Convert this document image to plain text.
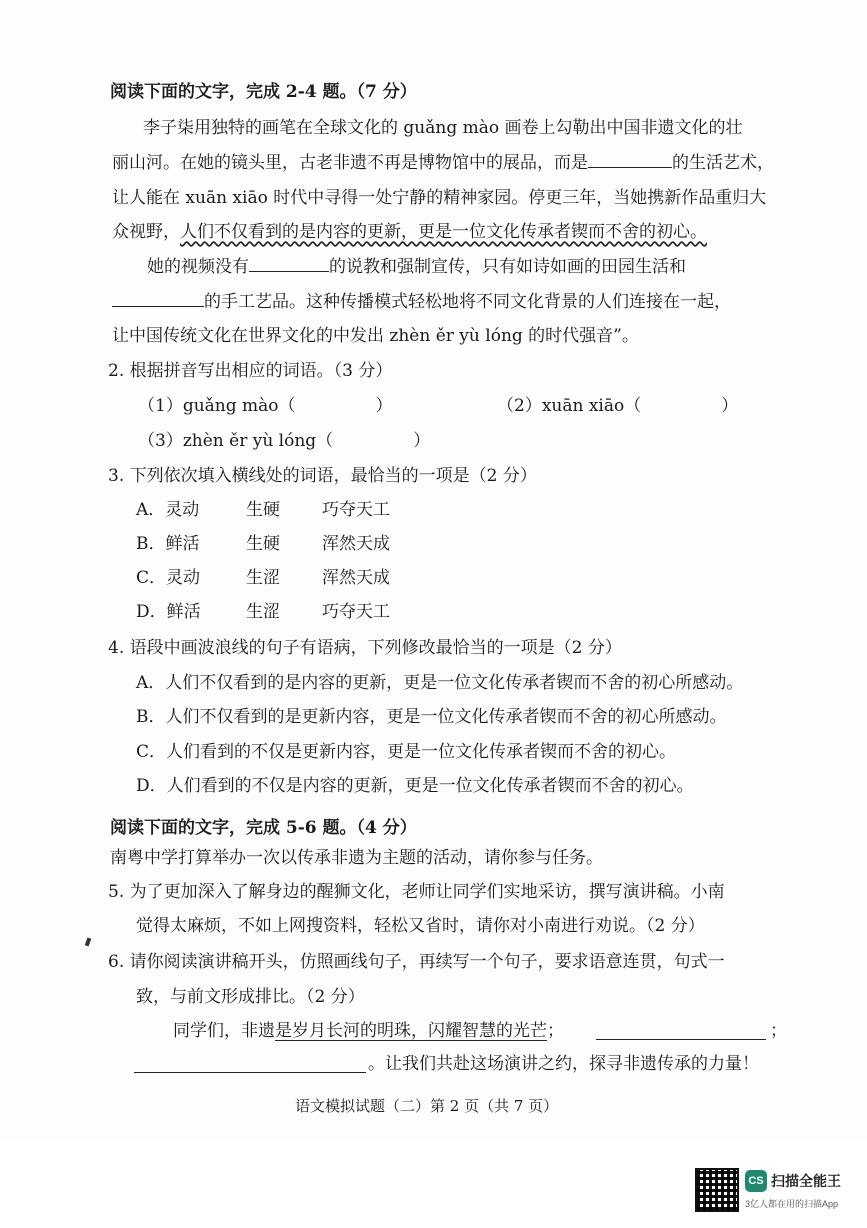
阅读下面的文字，完成 2-4 题。（7 分）
李子柒用独特的画笔在全球文化的 guǎng mào 画卷上勾勒出中国非遗文化的壮
丽山河。在她的镜头里，古老非遗不再是博物馆中的展品，而是	的生活艺术，
让人能在 xuān xiāo 时代中寻得一处宁静的精神家园。停更三年，当她携新作品重归大
众视野，人们不仅看到的是内容的更新，更是一位文化传承者锲而不舍的初心。
她的视频没有	的说教和强制宣传，只有如诗如画的田园生活和
的手工艺品。这种传播模式轻松地将不同文化背景的人们连接在一起，
让中国传统文化在世界文化的中发出 zhèn ěr yù lóng 的时代强音”。
2. 根据拼音写出相应的词语。（3 分）
（1）guǎng mào（	）	（2）xuān xiāo（	）
（3）zhèn ěr yù lóng（	）
3. 下列依次填入横线处的词语，最恰当的一项是（2 分）
A．灵动	生硬 巧夺天工
B．鲜活	生硬 浑然天成
C．灵动	生涩 浑然天成
D．鲜活	生涩 巧夺天工
4. 语段中画波浪线的句子有语病，下列修改最恰当的一项是（2 分）
A．人们不仅看到的是内容的更新，更是一位文化传承者锲而不舍的初心所感动。
B．人们不仅看到的是更新内容，更是一位文化传承者锲而不舍的初心所感动。
C．人们看到的不仅是更新内容，更是一位文化传承者锲而不舍的初心。
D．人们看到的不仅是内容的更新，更是一位文化传承者锲而不舍的初心。
阅读下面的文字，完成 5-6 题。（4 分）
南粤中学打算举办一次以传承非遗为主题的活动，请你参与任务。
5. 为了更加深入了解身边的醒狮文化，老师让同学们实地采访，撰写演讲稿。小南
觉得太麻烦，不如上网搜资料，轻松又省时，请你对小南进行劝说。（2 分）
6. 请你阅读演讲稿开头，仿照画线句子，再续写一个句子，要求语意连贯，句式一
致，与前文形成排比。（2 分）
同学们，非遗是岁月长河的明珠，闪耀智慧的光芒；	；
。让我们共赴这场演讲之约，探寻非遗传承的力量！
语文模拟试题（二）第 2 页（共 7 页）
CS 扫描全能王
3亿人都在用的扫描App
